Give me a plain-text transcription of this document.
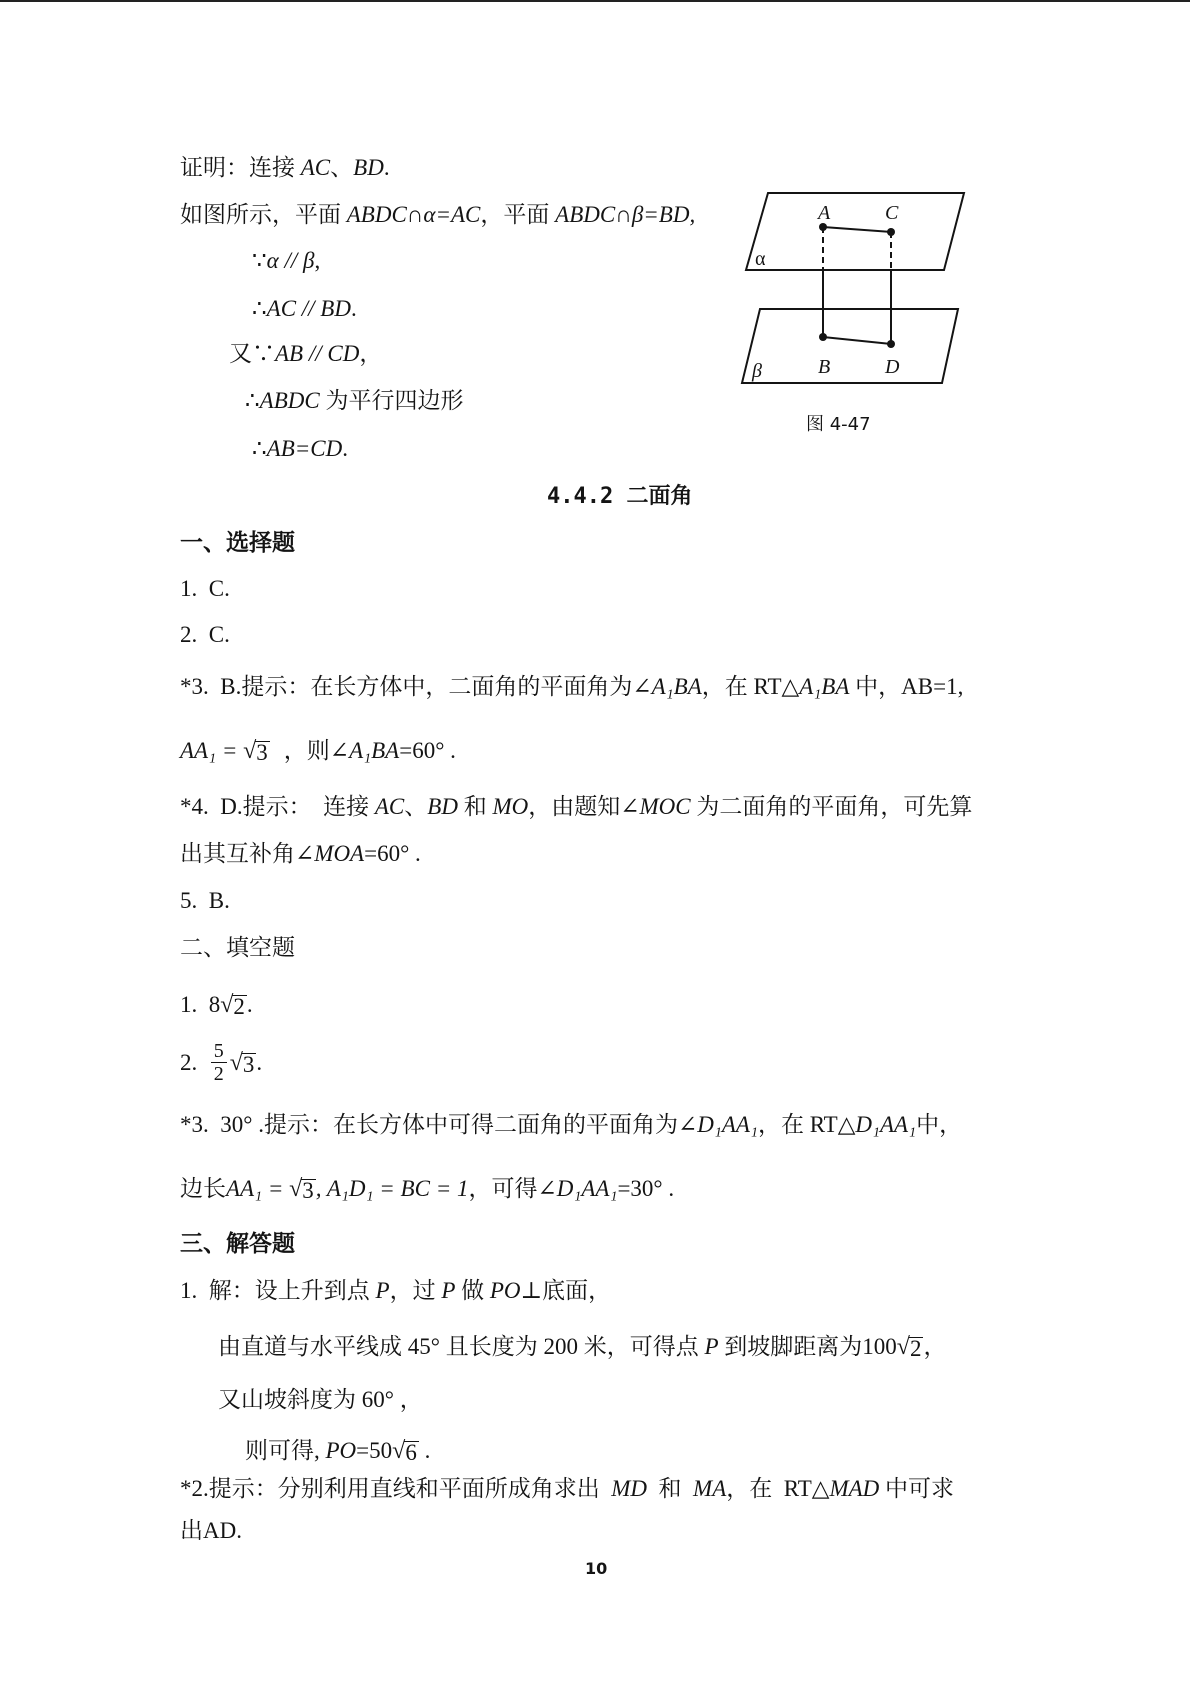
证明：连接 AC 、 BD .
如图所示，平面 ABDC∩α=AC ，平面 ABDC∩β=BD,
∵ α // β ,
∴ AC // BD .
又∵ AB // CD ，
∴ ABDC 为平行四边形
∴ AB=CD .
A	C
B	D
α
β
图 4-47
4.4.2 二面角
一、选择题
1.  C.
2.  C.
*3.  B.提示：在长方体中，二面角的平面角为∠ A₁BA ，在 RT△ A₁BA 中，AB=1,
AA₁ = √ 3 ，则∠ A₁BA =60° .
*4.  D.提示：  连接 AC 、 BD 和 MO ，由题知∠ MOC 为二面角的平面角，可先算
出其互补角∠ MOA =60° .
5.  B.
二、填空题
1. 8 √ 2 .
2. $\frac{5}{2}$ √ 3 .
*3.  30° .提示：在长方体中可得二面角的平面角为∠ D₁AA₁ ，在 RT△ D₁AA₁ 中，
边长 AA₁ = √ 3 , A₁D₁ = BC = 1 ，可得∠ D₁AA₁ =30° .
三、解答题
1.  解：设上升到点 P ，过 P 做 PO ⊥底面，
由直道与水平线成 45° 且长度为 200 米，可得点 P 到坡脚距离为 100 √ 2 ，
又山坡斜度为 60° ，
则可得, PO =50 √ 6 .
*2.提示：分别利用直线和平面所成角求出 MD 和 MA ，在  RT△ MAD 中可求
出AD.
10
